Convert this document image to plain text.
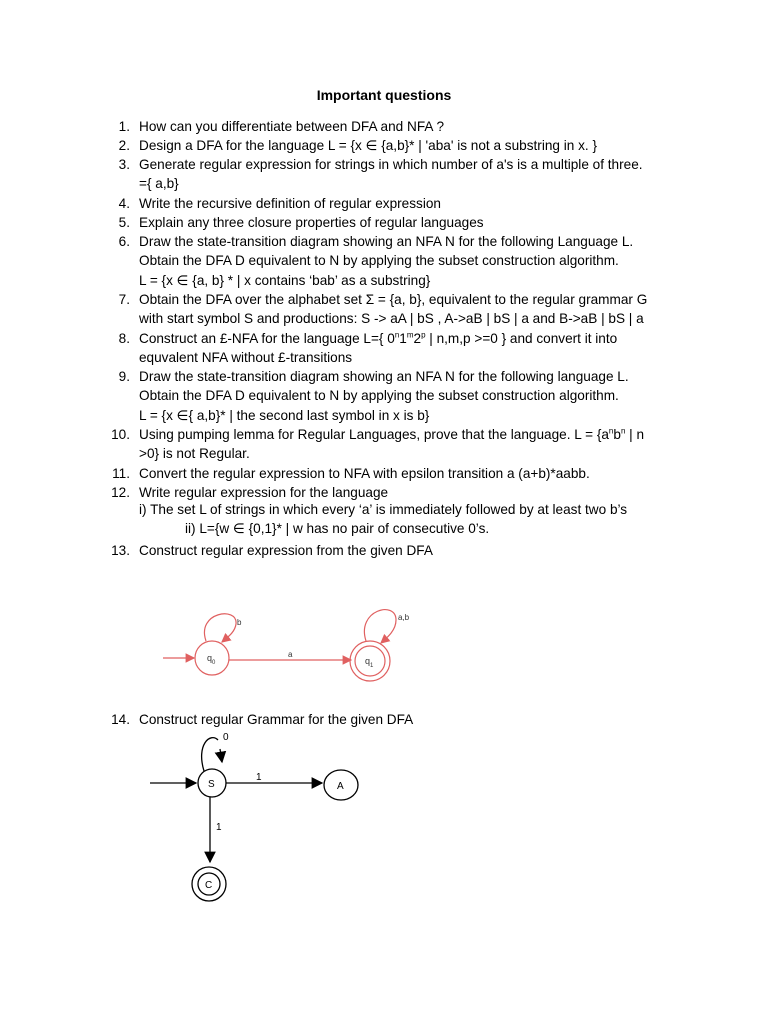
Important questions
1. How can you differentiate between DFA and NFA ?
2. Design a DFA for the language L = {x ∈ {a,b}* | 'aba' is not a substring in x. }
3. Generate regular expression for strings in which number of a's is a multiple of three.
={ a,b}
4. Write the recursive definition of regular expression
5. Explain any three closure properties of regular languages
6. Draw the state-transition diagram showing an NFA N for the following Language L.
Obtain the DFA D equivalent to N by applying the subset construction algorithm.
L = {x ∈ {a, b} * | x contains ‘bab’ as a substring}
7. Obtain the DFA over the alphabet set Σ = {a, b}, equivalent to the regular grammar G
with start symbol S and productions: S -> aA | bS , A->aB | bS | a and B->aB | bS | a
8. Construct an £-NFA for the language L={ 0$^n$1$^m$2$^p$ | n,m,p >=0 } and convert it into
equvalent NFA without £-transitions
9. Draw the state-transition diagram showing an NFA N for the following language L.
Obtain the DFA D equivalent to N by applying the subset construction algorithm.
L = {x ∈{ a,b}* | the second last symbol in x is b}
10. Using pumping lemma for Regular Languages, prove that the language. $L = \{a^nb^n$ | n
>0} is not Regular.
11. Convert the regular expression to NFA with epsilon transition a (a+b)*aabb.
12. Write regular expression for the language
i) The set L of strings in which every ‘a’ is immediately followed by at least two b’s
ii) L={w ∈ {0,1}* | w has no pair of consecutive 0’s.
13. Construct regular expression from the given DFA
$q_0$	$q_1$
b
a,b
a
14. Construct regular Grammar for the given DFA
S	A
C
0
1
1
